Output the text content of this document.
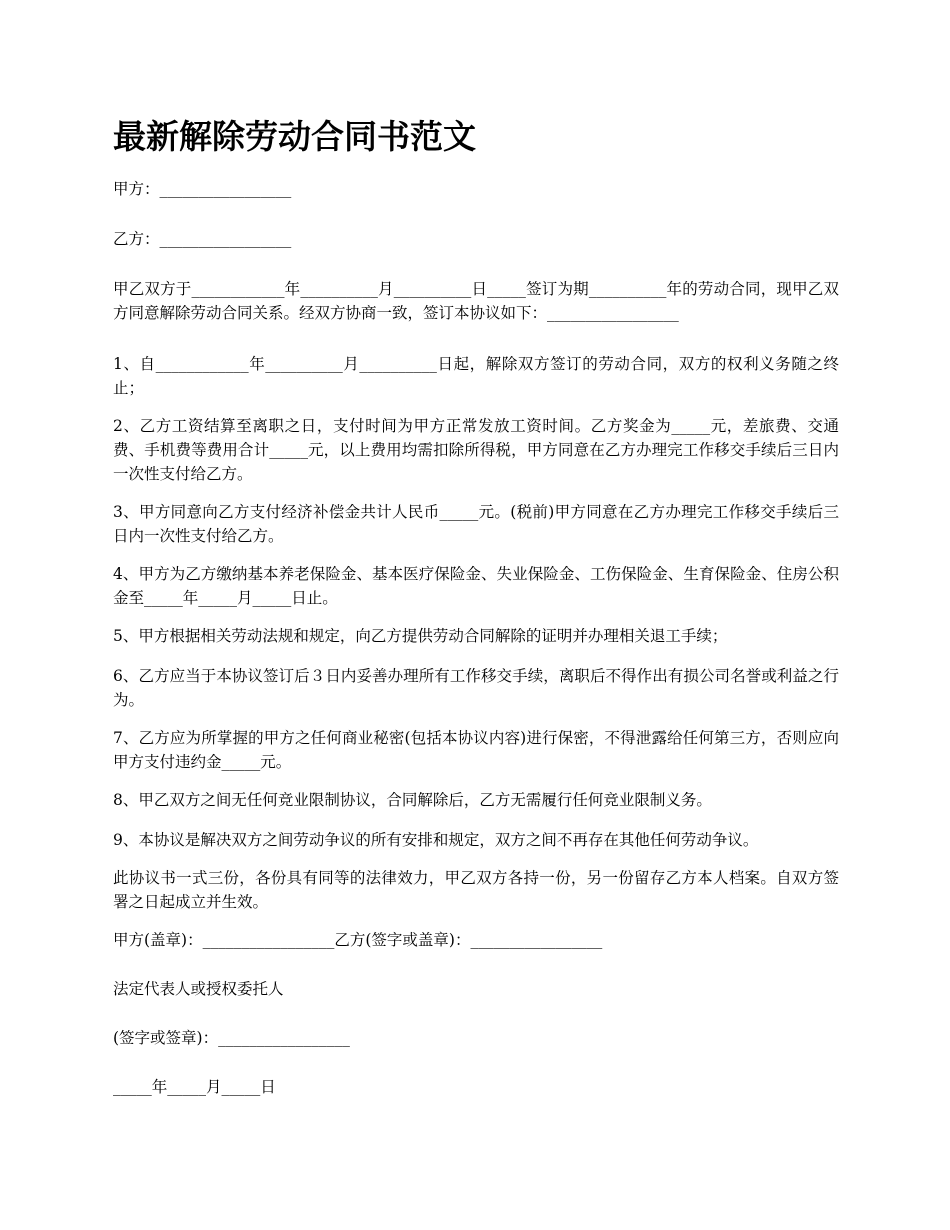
最新解除劳动合同书范文

甲方：_________________

乙方：_________________

甲乙双方于____________年__________月__________日_____签订为期__________年的劳动合同，现甲乙双方同意解除劳动合同关系。经双方协商一致，签订本协议如下：_________________

1、自____________年__________月__________日起，解除双方签订的劳动合同，双方的权利义务随之终止；

2、乙方工资结算至离职之日，支付时间为甲方正常发放工资时间。乙方奖金为_____元，差旅费、交通费、手机费等费用合计_____元，以上费用均需扣除所得税，甲方同意在乙方办理完工作移交手续后三日内一次性支付给乙方。

3、甲方同意向乙方支付经济补偿金共计人民币_____元。(税前)甲方同意在乙方办理完工作移交手续后三日内一次性支付给乙方。

4、甲方为乙方缴纳基本养老保险金、基本医疗保险金、失业保险金、工伤保险金、生育保险金、住房公积金至_____年_____月_____日止。

5、甲方根据相关劳动法规和规定，向乙方提供劳动合同解除的证明并办理相关退工手续；

6、乙方应当于本协议签订后３日内妥善办理所有工作移交手续，离职后不得作出有损公司名誉或利益之行为。

7、乙方应为所掌握的甲方之任何商业秘密(包括本协议内容)进行保密，不得泄露给任何第三方，否则应向甲方支付违约金_____元。

8、甲乙双方之间无任何竞业限制协议，合同解除后，乙方无需履行任何竞业限制义务。

9、本协议是解决双方之间劳动争议的所有安排和规定，双方之间不再存在其他任何劳动争议。

此协议书一式三份，各份具有同等的法律效力，甲乙双方各持一份，另一份留存乙方本人档案。自双方签署之日起成立并生效。

甲方(盖章)：_________________乙方(签字或盖章)：_________________

法定代表人或授权委托人

(签字或签章)：_________________

_____年_____月_____日
